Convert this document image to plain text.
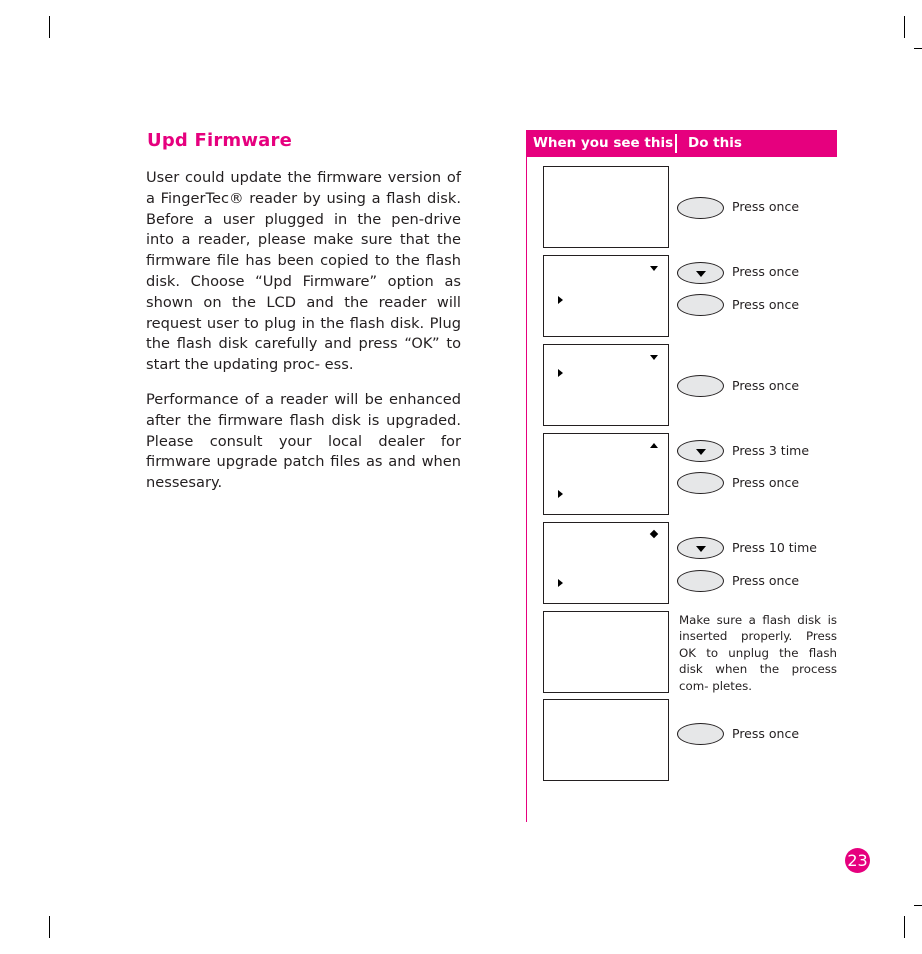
Upd Firmware
User could update the firmware version of a FingerTec® reader by using a flash disk. Before a user plugged in the pen-drive into a reader, please make sure that the firmware file has been copied to the flash disk. Choose “Upd Firmware” option as shown on the LCD and the reader will request user to plug in the flash disk. Plug the flash disk carefully and press “OK” to start the updating proc- ess.
Performance of a reader will be enhanced after the firmware flash disk is upgraded. Please consult your local dealer for firmware upgrade patch files as and when nessesary.
When you see this Do this
Press once
Press once
Press once
Press once
Press 3 time
Press once
Press 10 time
Press once
Make sure a flash disk is inserted properly. Press OK to unplug the flash disk when the process com- pletes.
Press once
23
